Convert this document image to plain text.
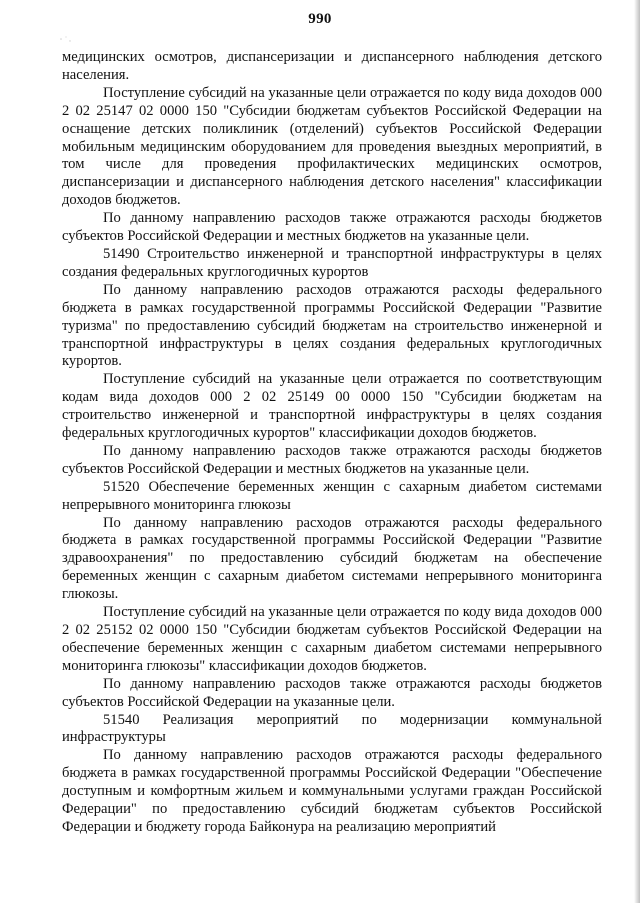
990

медицинских осмотров, диспансеризации и диспансерного наблюдения детского населения.

Поступление субсидий на указанные цели отражается по коду вида доходов 000 2 02 25147 02 0000 150 "Субсидии бюджетам субъектов Российской Федерации на оснащение детских поликлиник (отделений) субъектов Российской Федерации мобильным медицинским оборудованием для проведения выездных мероприятий, в том числе для проведения профилактических медицинских осмотров, диспансеризации и диспансерного наблюдения детского населения" классификации доходов бюджетов.

По данному направлению расходов также отражаются расходы бюджетов субъектов Российской Федерации и местных бюджетов на указанные цели.

51490 Строительство инженерной и транспортной инфраструктуры в целях создания федеральных круглогодичных курортов

По данному направлению расходов отражаются расходы федерального бюджета в рамках государственной программы Российской Федерации "Развитие туризма" по предоставлению субсидий бюджетам на строительство инженерной и транспортной инфраструктуры в целях создания федеральных круглогодичных курортов.

Поступление субсидий на указанные цели отражается по соответствующим кодам вида доходов 000 2 02 25149 00 0000 150 "Субсидии бюджетам на строительство инженерной и транспортной инфраструктуры в целях создания федеральных круглогодичных курортов" классификации доходов бюджетов.

По данному направлению расходов также отражаются расходы бюджетов субъектов Российской Федерации и местных бюджетов на указанные цели.

51520 Обеспечение беременных женщин с сахарным диабетом системами непрерывного мониторинга глюкозы

По данному направлению расходов отражаются расходы федерального бюджета в рамках государственной программы Российской Федерации "Развитие здравоохранения" по предоставлению субсидий бюджетам на обеспечение беременных женщин с сахарным диабетом системами непрерывного мониторинга глюкозы.

Поступление субсидий на указанные цели отражается по коду вида доходов 000 2 02 25152 02 0000 150 "Субсидии бюджетам субъектов Российской Федерации на обеспечение беременных женщин с сахарным диабетом системами непрерывного мониторинга глюкозы" классификации доходов бюджетов.

По данному направлению расходов также отражаются расходы бюджетов субъектов Российской Федерации на указанные цели.

51540 Реализация мероприятий по модернизации коммунальной инфраструктуры

По данному направлению расходов отражаются расходы федерального бюджета в рамках государственной программы Российской Федерации "Обеспечение доступным и комфортным жильем и коммунальными услугами граждан Российской Федерации" по предоставлению субсидий бюджетам субъектов Российской Федерации и бюджету города Байконура на реализацию мероприятий
